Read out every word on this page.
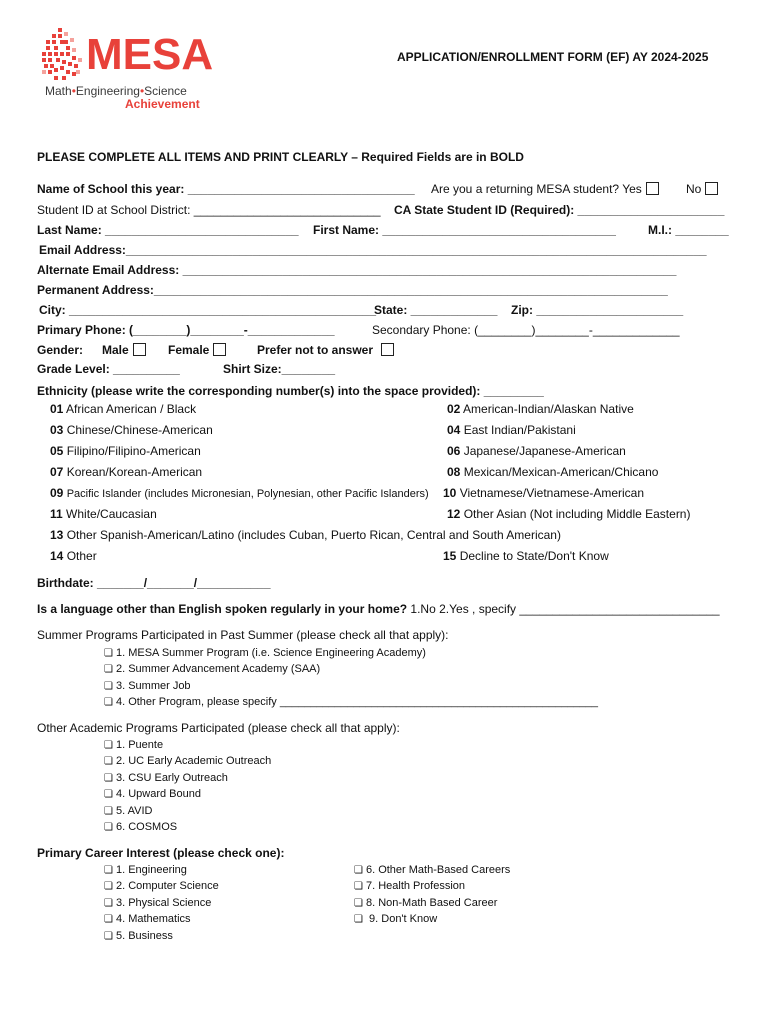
MESA
Math•Engineering•Science
Achievement
APPLICATION/ENROLLMENT FORM (EF) AY 2024-2025
PLEASE COMPLETE ALL ITEMS AND PRINT CLEARLY – Required Fields are in BOLD
Name of School this year: __________________________________ Are you a returning MESA student? Yes	No
Student ID at School District: ____________________________ CA State Student ID (Required): ______________________
Last Name: _____________________________ First Name: ___________________________________	M.I.: ________
Email Address:_______________________________________________________________________________________
Alternate Email Address: __________________________________________________________________________
Permanent Address:_____________________________________________________________________________
City: ______________________________________________
State: _____________ Zip: ______________________
Primary Phone: (________)________-_____________	Secondary Phone: (________)________-_____________
Gender: Male	Female	Prefer not to answer
Grade Level: __________	Shirt Size:________
Ethnicity (please write the corresponding number(s) into the space provided): _________
01 African American / Black	02 American-Indian/Alaskan Native
03 Chinese/Chinese-American	04 East Indian/Pakistani
05 Filipino/Filipino-American	06 Japanese/Japanese-American
07 Korean/Korean-American	08 Mexican/Mexican-American/Chicano
09 Pacific Islander (includes Micronesian, Polynesian, other Pacific Islanders) 10 Vietnamese/Vietnamese-American
11 White/Caucasian	12 Other Asian (Not including Middle Eastern)
13 Other Spanish-American/Latino (includes Cuban, Puerto Rican, Central and South American)
14 Other	15 Decline to State/Don't Know
Birthdate: _______/_______/___________
Is a language other than English spoken regularly in your home? 1.No 2.Yes , specify ______________________________
Summer Programs Participated in Past Summer (please check all that apply):
❏ 1. MESA Summer Program (i.e. Science Engineering Academy)
❏ 2. Summer Advancement Academy (SAA)
❏ 3. Summer Job
❏ 4. Other Program, please specify ____________________________________________________
Other Academic Programs Participated (please check all that apply):
❏ 1. Puente
❏ 2. UC Early Academic Outreach
❏ 3. CSU Early Outreach
❏ 4. Upward Bound
❏ 5. AVID
❏ 6. COSMOS
Primary Career Interest (please check one):
❏ 1. Engineering
❏ 2. Computer Science
❏ 3. Physical Science
❏ 4. Mathematics
❏ 5. Business
❏ 6. Other Math-Based Careers
❏ 7. Health Profession
❏ 8. Non-Math Based Career
❏ 9. Don't Know
